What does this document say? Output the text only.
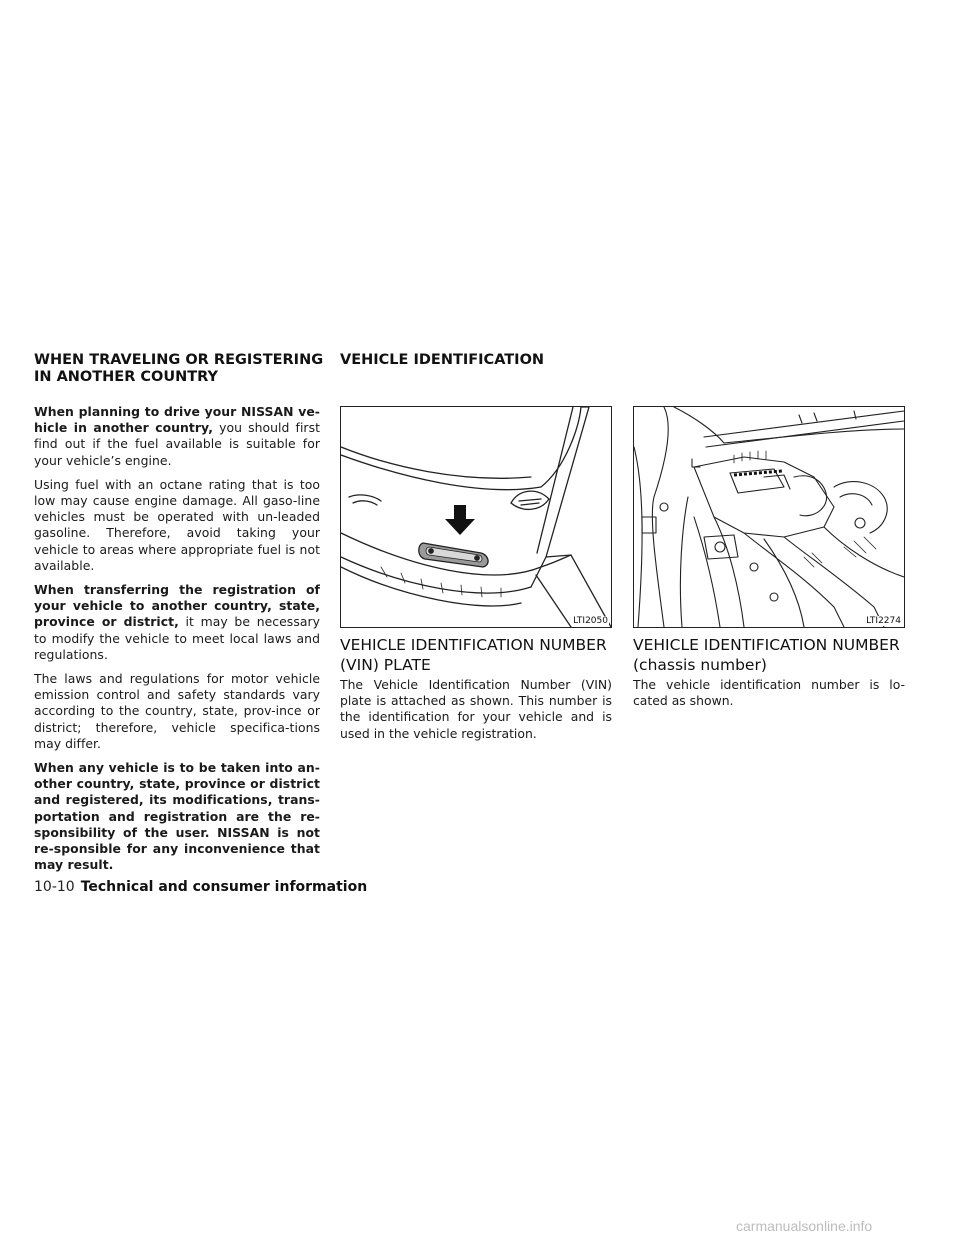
WHEN TRAVELING OR REGISTERING
IN ANOTHER COUNTRY

When planning to drive your NISSAN ve-hicle in another country, you should first find out if the fuel available is suitable for your vehicle’s engine.

Using fuel with an octane rating that is too low may cause engine damage. All gaso-line vehicles must be operated with un-leaded gasoline. Therefore, avoid taking your vehicle to areas where appropriate fuel is not available.

When transferring the registration of your vehicle to another country, state, province or district, it may be necessary to modify the vehicle to meet local laws and regulations.

The laws and regulations for motor vehicle emission control and safety standards vary according to the country, state, prov-ince or district; therefore, vehicle specifica-tions may differ.

When any vehicle is to be taken into an-other country, state, province or district and registered, its modifications, trans-portation and registration are the re-sponsibility of the user. NISSAN is not re-sponsible for any inconvenience that may result.

VEHICLE IDENTIFICATION
LTI2050
VEHICLE IDENTIFICATION NUMBER
(VIN) PLATE

The Vehicle Identification Number (VIN) plate is attached as shown. This number is the identification for your vehicle and is used in the vehicle registration.

LTI2274
VEHICLE IDENTIFICATION NUMBER
(chassis number)

The vehicle identification number is lo-cated as shown.

10-10 Technical and consumer information
carmanualsonline.info
